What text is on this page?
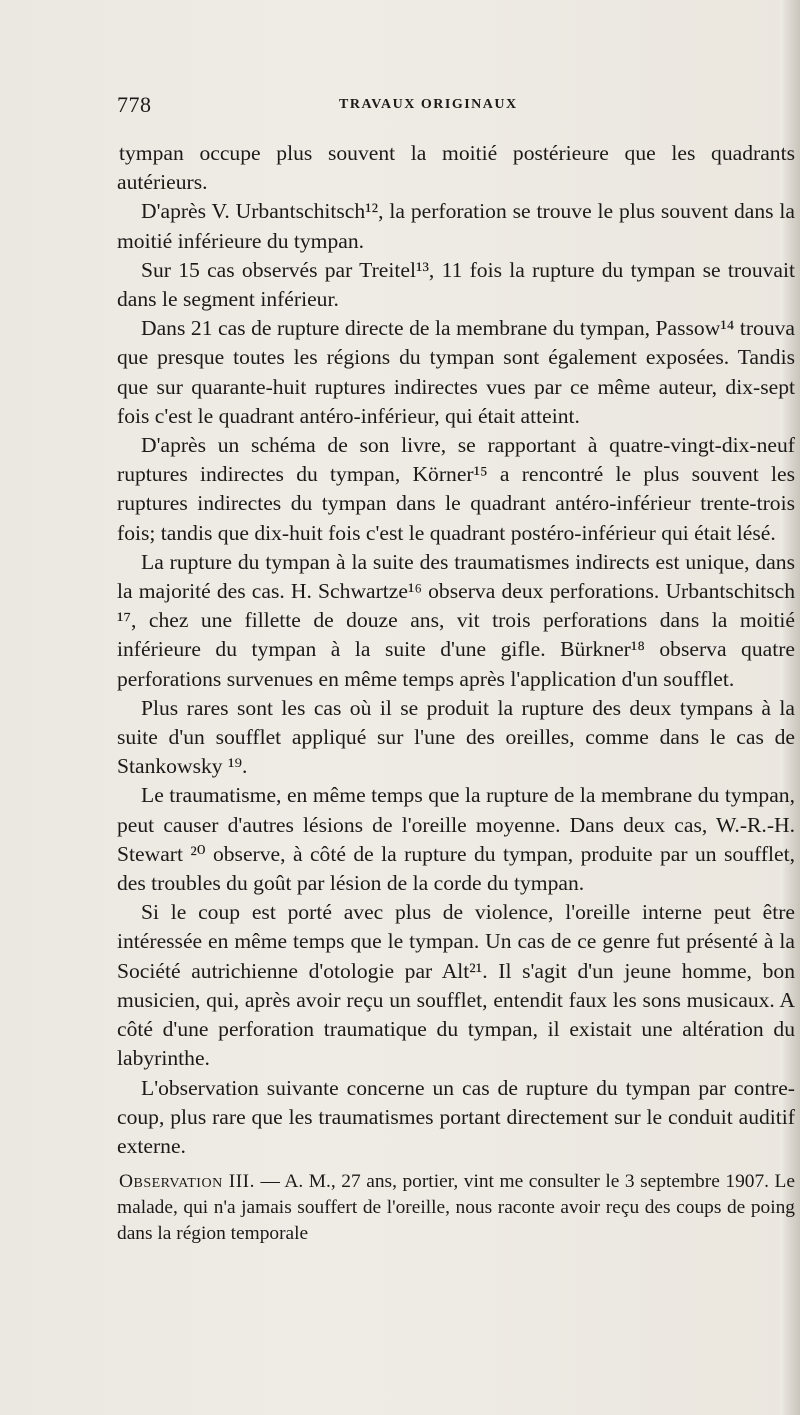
778	TRAVAUX ORIGINAUX

tympan occupe plus souvent la moitié postérieure que les quadrants autérieurs.

D'après V. Urbantschitsch¹², la perforation se trouve le plus souvent dans la moitié inférieure du tympan.

Sur 15 cas observés par Treitel¹³, 11 fois la rupture du tympan se trouvait dans le segment inférieur.

Dans 21 cas de rupture directe de la membrane du tympan, Passow¹⁴ trouva que presque toutes les régions du tympan sont également exposées. Tandis que sur quarante-huit ruptures indirectes vues par ce même auteur, dix-sept fois c'est le quadrant antéro-inférieur, qui était atteint.

D'après un schéma de son livre, se rapportant à quatre-vingt-dix-neuf ruptures indirectes du tympan, Körner¹⁵ a rencontré le plus souvent les ruptures indirectes du tympan dans le quadrant antéro-inférieur trente-trois fois; tandis que dix-huit fois c'est le quadrant postéro-inférieur qui était lésé.

La rupture du tympan à la suite des traumatismes indirects est unique, dans la majorité des cas. H. Schwartze¹⁶ observa deux perforations. Urbantschitsch ¹⁷, chez une fillette de douze ans, vit trois perforations dans la moitié inférieure du tympan à la suite d'une gifle. Bürkner¹⁸ observa quatre perforations survenues en même temps après l'application d'un soufflet.

Plus rares sont les cas où il se produit la rupture des deux tympans à la suite d'un soufflet appliqué sur l'une des oreilles, comme dans le cas de Stankowsky ¹⁹.

Le traumatisme, en même temps que la rupture de la membrane du tympan, peut causer d'autres lésions de l'oreille moyenne. Dans deux cas, W.-R.-H. Stewart ²⁰ observe, à côté de la rupture du tympan, produite par un soufflet, des troubles du goût par lésion de la corde du tympan.

Si le coup est porté avec plus de violence, l'oreille interne peut être intéressée en même temps que le tympan. Un cas de ce genre fut présenté à la Société autrichienne d'otologie par Alt²¹. Il s'agit d'un jeune homme, bon musicien, qui, après avoir reçu un soufflet, entendit faux les sons musicaux. A côté d'une perforation traumatique du tympan, il existait une altération du labyrinthe.

L'observation suivante concerne un cas de rupture du tympan par contre-coup, plus rare que les traumatismes portant directement sur le conduit auditif externe.

Observation III. — A. M., 27 ans, portier, vint me consulter le 3 septembre 1907. Le malade, qui n'a jamais souffert de l'oreille, nous raconte avoir reçu des coups de poing dans la région temporale
